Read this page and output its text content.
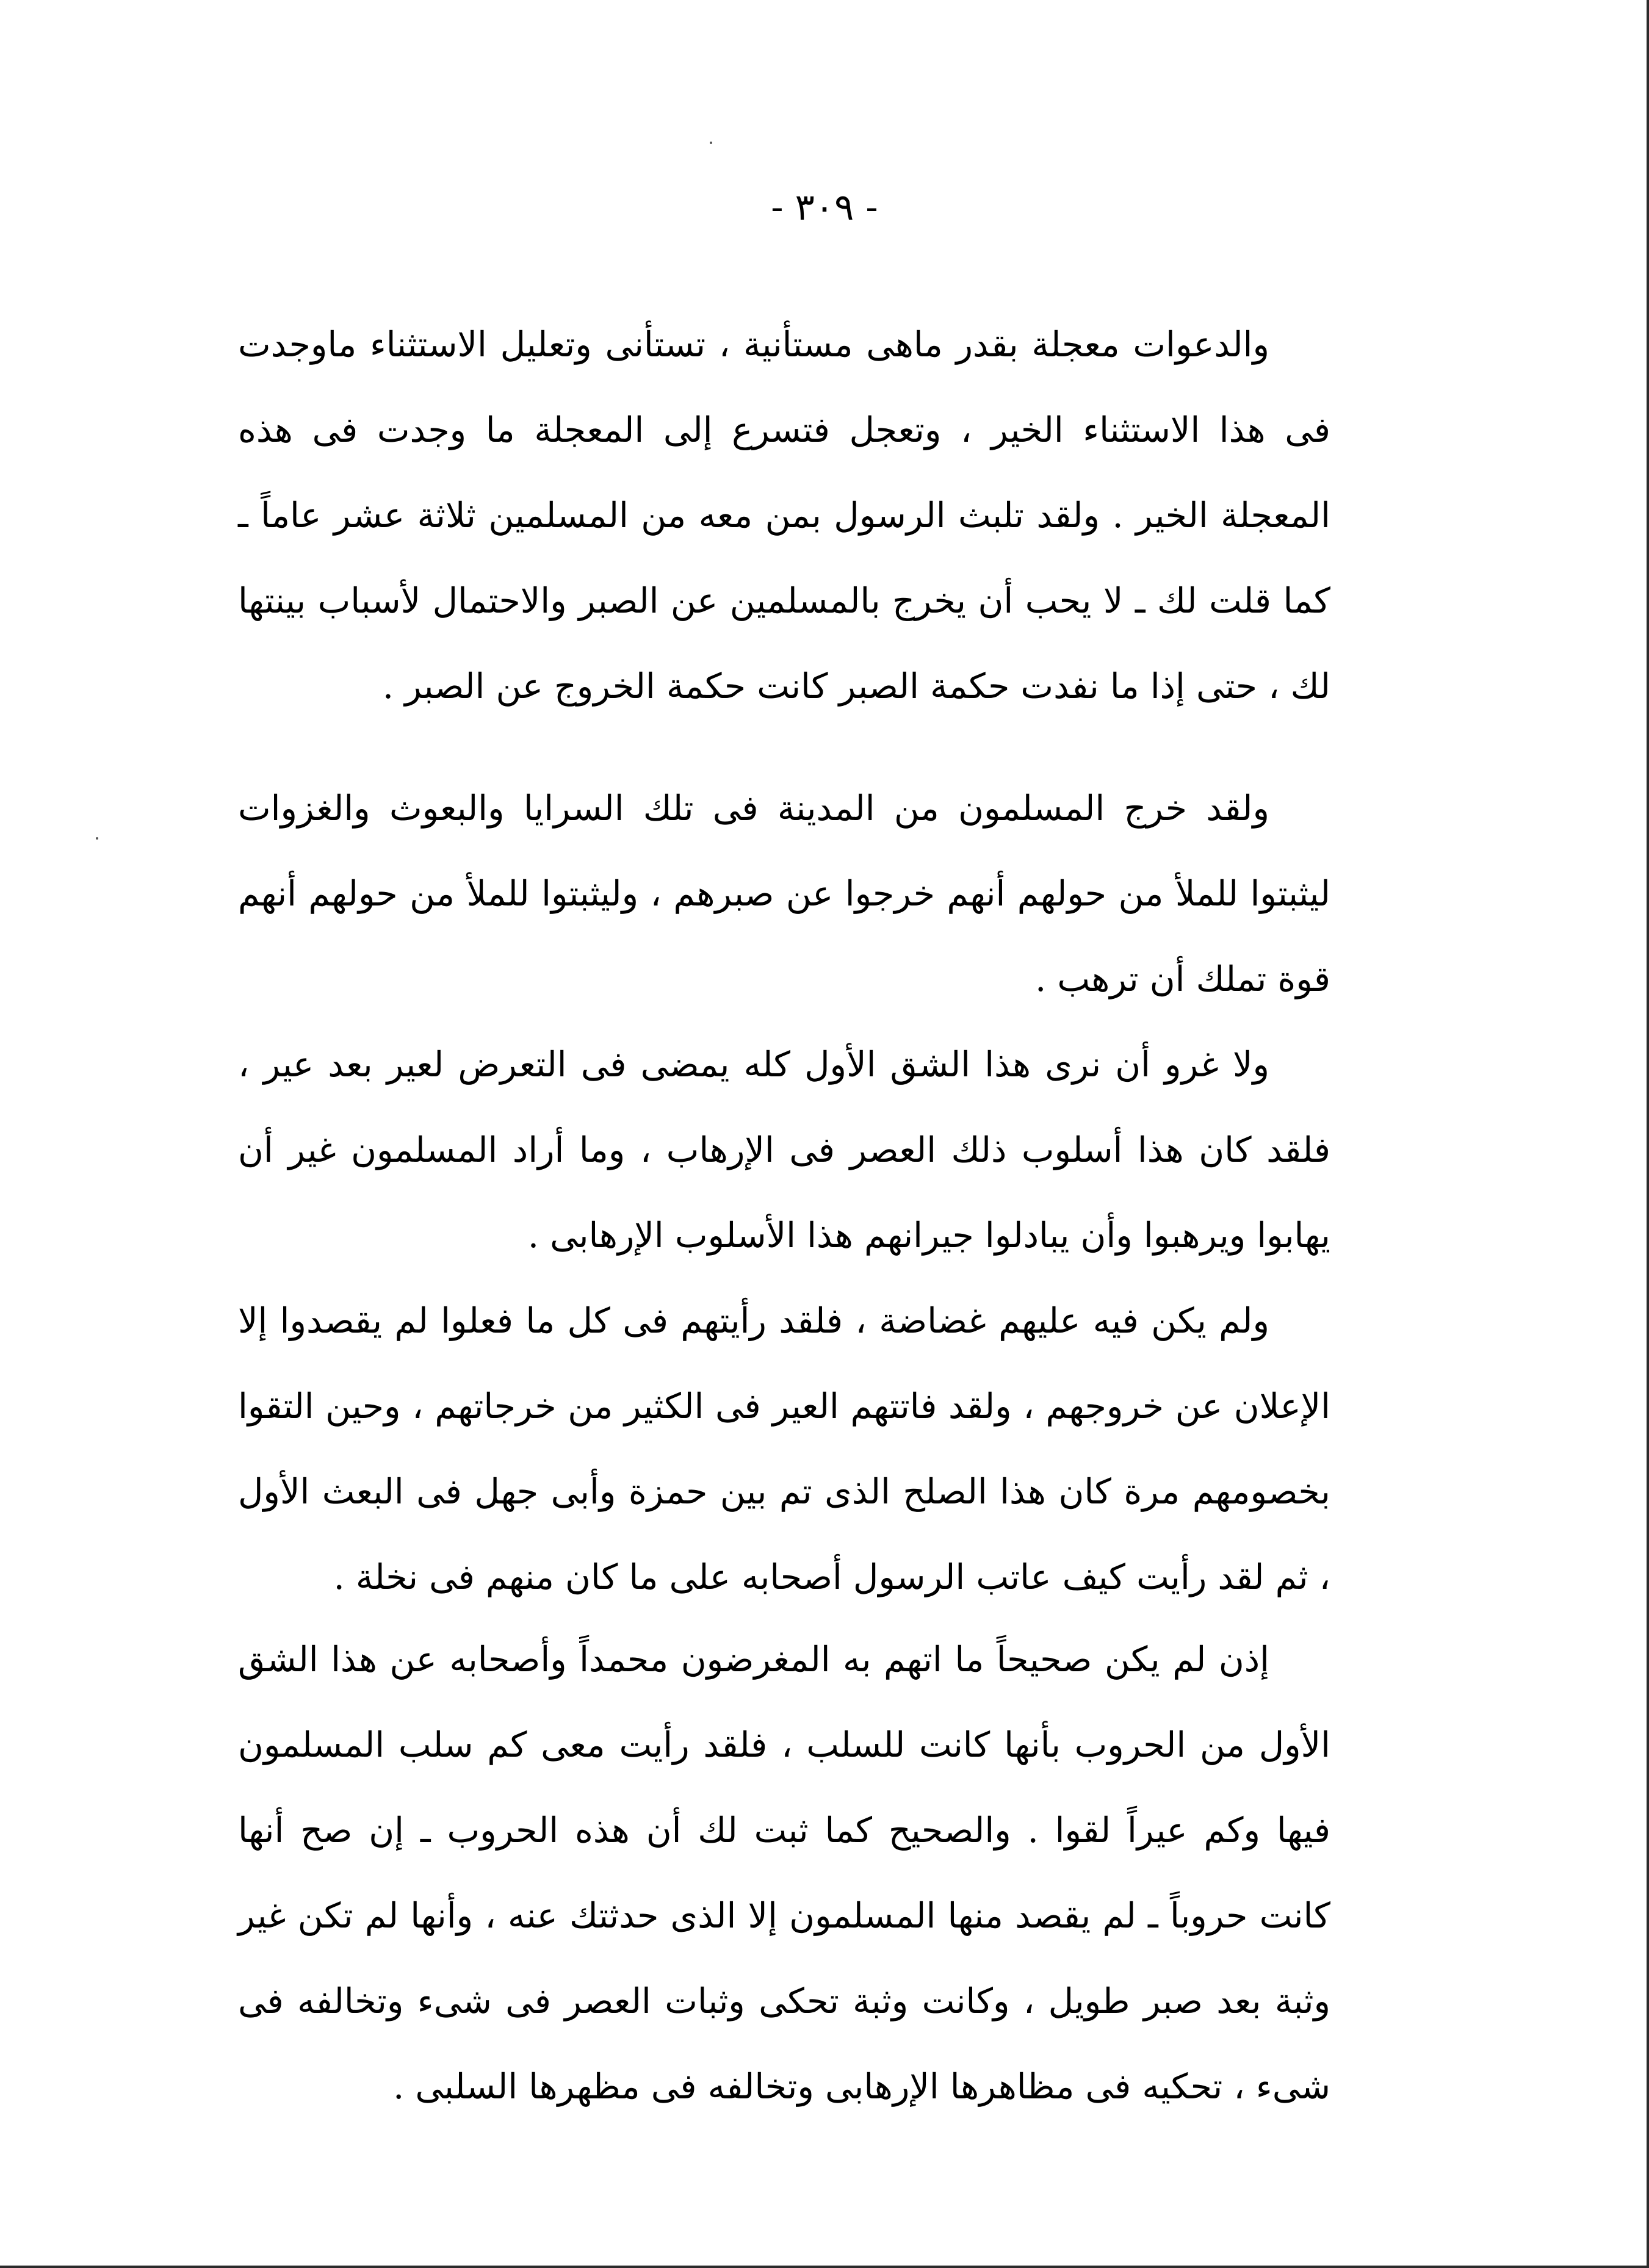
- ٣٠٩ -

والدعوات معجلة بقدر ماهى مستأنية ، تستأنى وتعليل الاستثناء ماوجدت فى هذا الاستثناء الخير ، وتعجل فتسرع إلى المعجلة ما وجدت فى هذه المعجلة الخير . ولقد تلبث الرسول بمن معه من المسلمين ثلاثة عشر عاماً ـ كما قلت لك ـ لا يحب أن يخرج بالمسلمين عن الصبر والاحتمال لأسباب بينتها لك ، حتى إذا ما نفدت حكمة الصبر كانت حكمة الخروج عن الصبر .

ولقد خرج المسلمون من المدينة فى تلك السرايا والبعوث والغزوات ليثبتوا للملأ من حولهم أنهم خرجوا عن صبرهم ، وليثبتوا للملأ من حولهم أنهم قوة تملك أن ترهب .

ولا غرو أن نرى هذا الشق الأول كله يمضى فى التعرض لعير بعد عير ، فلقد كان هذا أسلوب ذلك العصر فى الإرهاب ، وما أراد المسلمون غير أن يهابوا ويرهبوا وأن يبادلوا جيرانهم هذا الأسلوب الإرهابى .

ولم يكن فيه عليهم غضاضة ، فلقد رأيتهم فى كل ما فعلوا لم يقصدوا إلا الإعلان عن خروجهم ، ولقد فاتتهم العير فى الكثير من خرجاتهم ، وحين التقوا بخصومهم مرة كان هذا الصلح الذى تم بين حمزة وأبى جهل فى البعث الأول ، ثم لقد رأيت كيف عاتب الرسول أصحابه على ما كان منهم فى نخلة .

إذن لم يكن صحيحاً ما اتهم به المغرضون محمداً وأصحابه عن هذا الشق الأول من الحروب بأنها كانت للسلب ، فلقد رأيت معى كم سلب المسلمون فيها وكم عيراً لقوا . والصحيح كما ثبت لك أن هذه الحروب ـ إن صح أنها كانت حروباً ـ لم يقصد منها المسلمون إلا الذى حدثتك عنه ، وأنها لم تكن غير وثبة بعد صبر طويل ، وكانت وثبة تحكى وثبات العصر فى شىء وتخالفه فى شىء ، تحكيه فى مظاهرها الإرهابى وتخالفه فى مظهرها السلبى .
